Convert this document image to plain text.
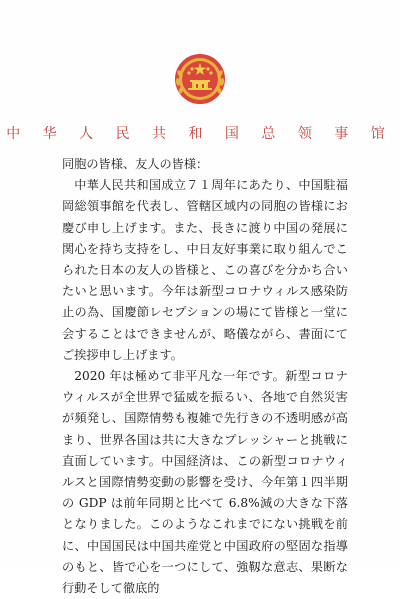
中 华 人 民 共 和 国 总 领 事 馆

同胞の皆様、友人の皆様：

中華人民共和国成立７１周年にあたり、中国駐福岡総領事館を代表し、管轄区域内の同胞の皆様にお慶び申し上げます。また、長きに渡り中国の発展に関心を持ち支持をし、中日友好事業に取り組んでこられた日本の友人の皆様と、この喜びを分かち合いたいと思います。今年は新型コロナウィルス感染防止の為、国慶節レセプションの場にて皆様と一堂に会することはできませんが、略儀ながら、書面にてご挨拶申し上げます。

2020 年は極めて非平凡な一年です。新型コロナウィルスが全世界で猛威を振るい、各地で自然災害が頻発し、国際情勢も複雑で先行きの不透明感が高まり、世界各国は共に大きなプレッシャーと挑戦に直面しています。中国経済は、この新型コロナウィルスと国際情勢変動の影響を受け、今年第１四半期の GDP は前年同期と比べて 6.8%減の大きな下落となりました。このようなこれまでにない挑戦を前に、中国国民は中国共産党と中国政府の堅固な指導のもと、皆で心を一つにして、強靱な意志、果断な行動そして徹底的
